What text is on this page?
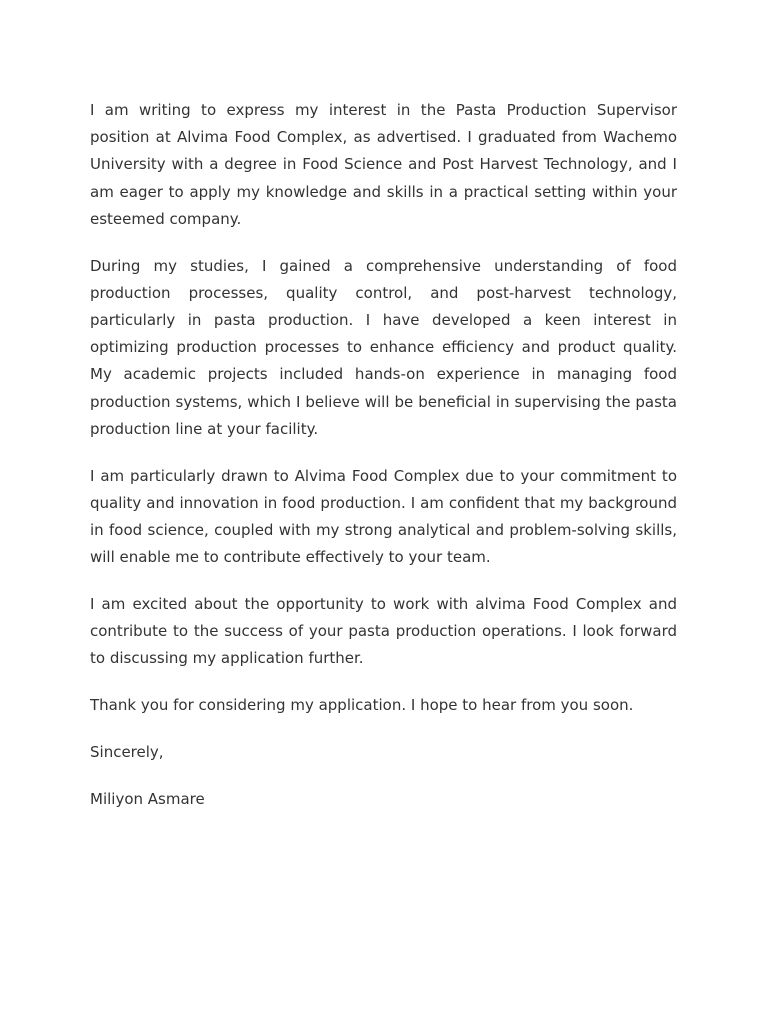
I am writing to express my interest in the Pasta Production Supervisor position at Alvima Food Complex, as advertised. I graduated from Wachemo University with a degree in Food Science and Post Harvest Technology, and I am eager to apply my knowledge and skills in a practical setting within your esteemed company.

During my studies, I gained a comprehensive understanding of food production processes, quality control, and post-harvest technology, particularly in pasta production. I have developed a keen interest in optimizing production processes to enhance efficiency and product quality. My academic projects included hands-on experience in managing food production systems, which I believe will be beneficial in supervising the pasta production line at your facility.

I am particularly drawn to Alvima Food Complex due to your commitment to quality and innovation in food production. I am confident that my background in food science, coupled with my strong analytical and problem-solving skills, will enable me to contribute effectively to your team.

I am excited about the opportunity to work with alvima Food Complex and contribute to the success of your pasta production operations. I look forward to discussing my application further.

Thank you for considering my application. I hope to hear from you soon.

Sincerely,

Miliyon Asmare
